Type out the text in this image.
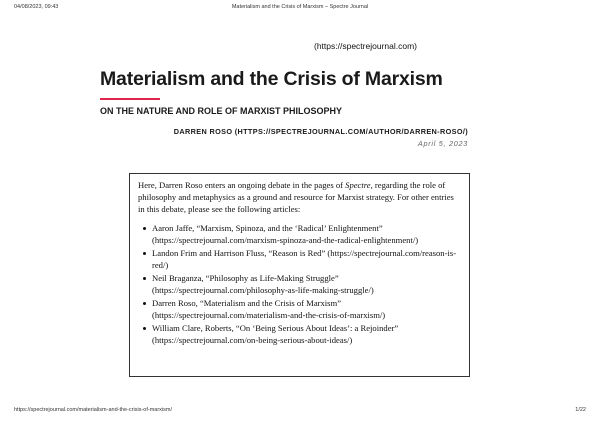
04/08/2023, 09:43	Materialism and the Crisis of Marxism – Spectre Journal
(https://spectrejournal.com)
Materialism and the Crisis of Marxism
ON THE NATURE AND ROLE OF MARXIST PHILOSOPHY
DARREN ROSO (HTTPS://SPECTREJOURNAL.COM/AUTHOR/DARREN-ROSO/)
April 5, 2023

Here, Darren Roso enters an ongoing debate in the pages of Spectre, regarding the role of philosophy and metaphysics as a ground and resource for Marxist strategy. For other entries in this debate, please see the following articles:

Aaron Jaffe, “Marxism, Spinoza, and the ‘Radical’ Enlightenment” (https://spectrejournal.com/marxism-spinoza-and-the-radical-enlightenment/)
Landon Frim and Harrison Fluss, “Reason is Red” (https://spectrejournal.com/reason-is-red/)
Neil Braganza, “Philosophy as Life-Making Struggle” (https://spectrejournal.com/philosophy-as-life-making-struggle/)
Darren Roso, “Materialism and the Crisis of Marxism” (https://spectrejournal.com/materialism-and-the-crisis-of-marxism/)
William Clare, Roberts, “On ‘Being Serious About Ideas’: a Rejoinder” (https://spectrejournal.com/on-being-serious-about-ideas/)
https://spectrejournal.com/materialism-and-the-crisis-of-marxism/	1/22
